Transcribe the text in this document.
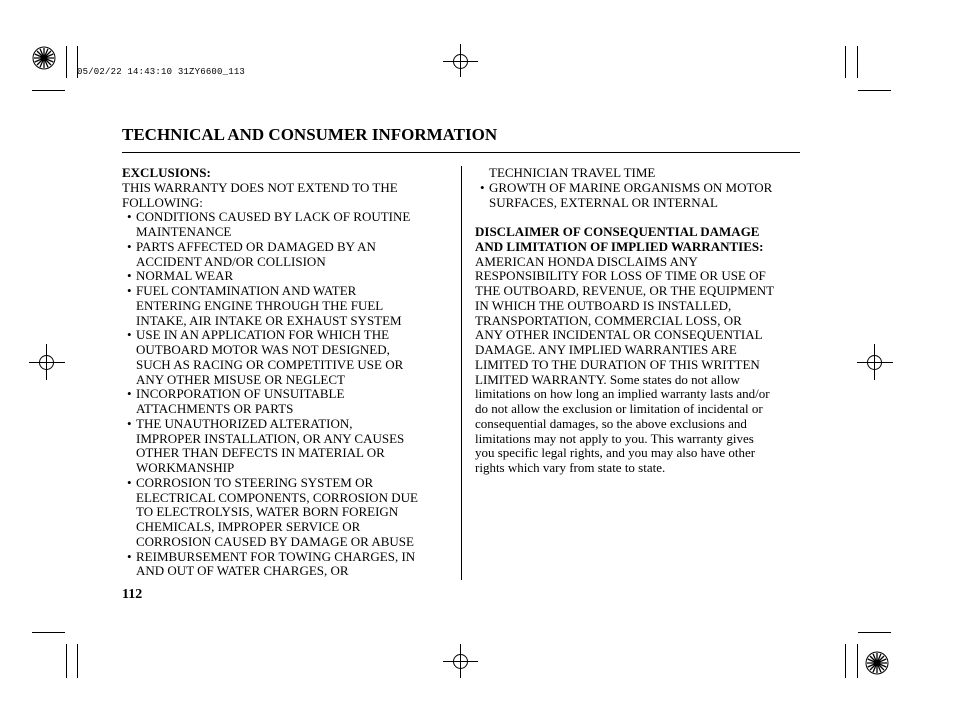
05/02/22 14:43:10 31ZY6600_113
TECHNICAL AND CONSUMER INFORMATION
EXCLUSIONS:
THIS WARRANTY DOES NOT EXTEND TO THE
FOLLOWING:
• CONDITIONS CAUSED BY LACK OF ROUTINE
MAINTENANCE
• PARTS AFFECTED OR DAMAGED BY AN
ACCIDENT AND/OR COLLISION
• NORMAL WEAR
• FUEL CONTAMINATION AND WATER
ENTERING ENGINE THROUGH THE FUEL
INTAKE, AIR INTAKE OR EXHAUST SYSTEM
• USE IN AN APPLICATION FOR WHICH THE
OUTBOARD MOTOR WAS NOT DESIGNED,
SUCH AS RACING OR COMPETITIVE USE OR
ANY OTHER MISUSE OR NEGLECT
• INCORPORATION OF UNSUITABLE
ATTACHMENTS OR PARTS
• THE UNAUTHORIZED ALTERATION,
IMPROPER INSTALLATION, OR ANY CAUSES
OTHER THAN DEFECTS IN MATERIAL OR
WORKMANSHIP
• CORROSION TO STEERING SYSTEM OR
ELECTRICAL COMPONENTS, CORROSION DUE
TO ELECTROLYSIS, WATER BORN FOREIGN
CHEMICALS, IMPROPER SERVICE OR
CORROSION CAUSED BY DAMAGE OR ABUSE
• REIMBURSEMENT FOR TOWING CHARGES, IN
AND OUT OF WATER CHARGES, OR
TECHNICIAN TRAVEL TIME
• GROWTH OF MARINE ORGANISMS ON MOTOR
SURFACES, EXTERNAL OR INTERNAL
DISCLAIMER OF CONSEQUENTIAL DAMAGE
AND LIMITATION OF IMPLIED WARRANTIES:
AMERICAN HONDA DISCLAIMS ANY
RESPONSIBILITY FOR LOSS OF TIME OR USE OF
THE OUTBOARD, REVENUE, OR THE EQUIPMENT
IN WHICH THE OUTBOARD IS INSTALLED,
TRANSPORTATION, COMMERCIAL LOSS, OR
ANY OTHER INCIDENTAL OR CONSEQUENTIAL
DAMAGE. ANY IMPLIED WARRANTIES ARE
LIMITED TO THE DURATION OF THIS WRITTEN
LIMITED WARRANTY. Some states do not allow
limitations on how long an implied warranty lasts and/or
do not allow the exclusion or limitation of incidental or
consequential damages, so the above exclusions and
limitations may not apply to you. This warranty gives
you specific legal rights, and you may also have other
rights which vary from state to state.
112
